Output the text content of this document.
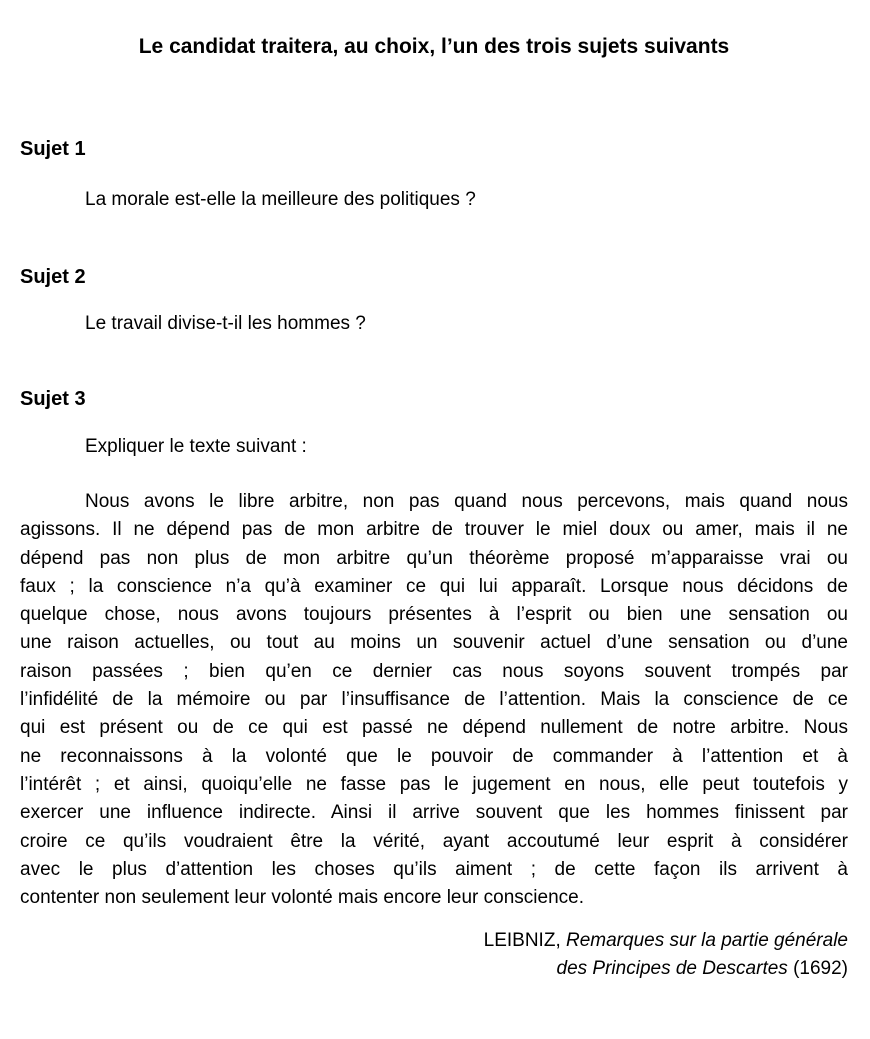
Le candidat traitera, au choix, l’un des trois sujets suivants
Sujet 1
La morale est-elle la meilleure des politiques ?
Sujet 2
Le travail divise-t-il les hommes ?
Sujet 3
Expliquer le texte suivant :
Nous avons le libre arbitre, non pas quand nous percevons, mais quand nous
agissons. Il ne dépend pas de mon arbitre de trouver le miel doux ou amer, mais il ne
dépend pas non plus de mon arbitre qu’un théorème proposé m’apparaisse vrai ou
faux ; la conscience n’a qu’à examiner ce qui lui apparaît. Lorsque nous décidons de
quelque chose, nous avons toujours présentes à l’esprit ou bien une sensation ou
une raison actuelles, ou tout au moins un souvenir actuel d’une sensation ou d’une
raison passées ; bien qu’en ce dernier cas nous soyons souvent trompés par
l’infidélité de la mémoire ou par l’insuffisance de l’attention. Mais la conscience de ce
qui est présent ou de ce qui est passé ne dépend nullement de notre arbitre. Nous
ne reconnaissons à la volonté que le pouvoir de commander à l’attention et à
l’intérêt ; et ainsi, quoiqu’elle ne fasse pas le jugement en nous, elle peut toutefois y
exercer une influence indirecte. Ainsi il arrive souvent que les hommes finissent par
croire ce qu’ils voudraient être la vérité, ayant accoutumé leur esprit à considérer
avec le plus d’attention les choses qu’ils aiment ; de cette façon ils arrivent à
contenter non seulement leur volonté mais encore leur conscience.
LEIBNIZ, Remarques sur la partie générale
des Principes de Descartes (1692)
